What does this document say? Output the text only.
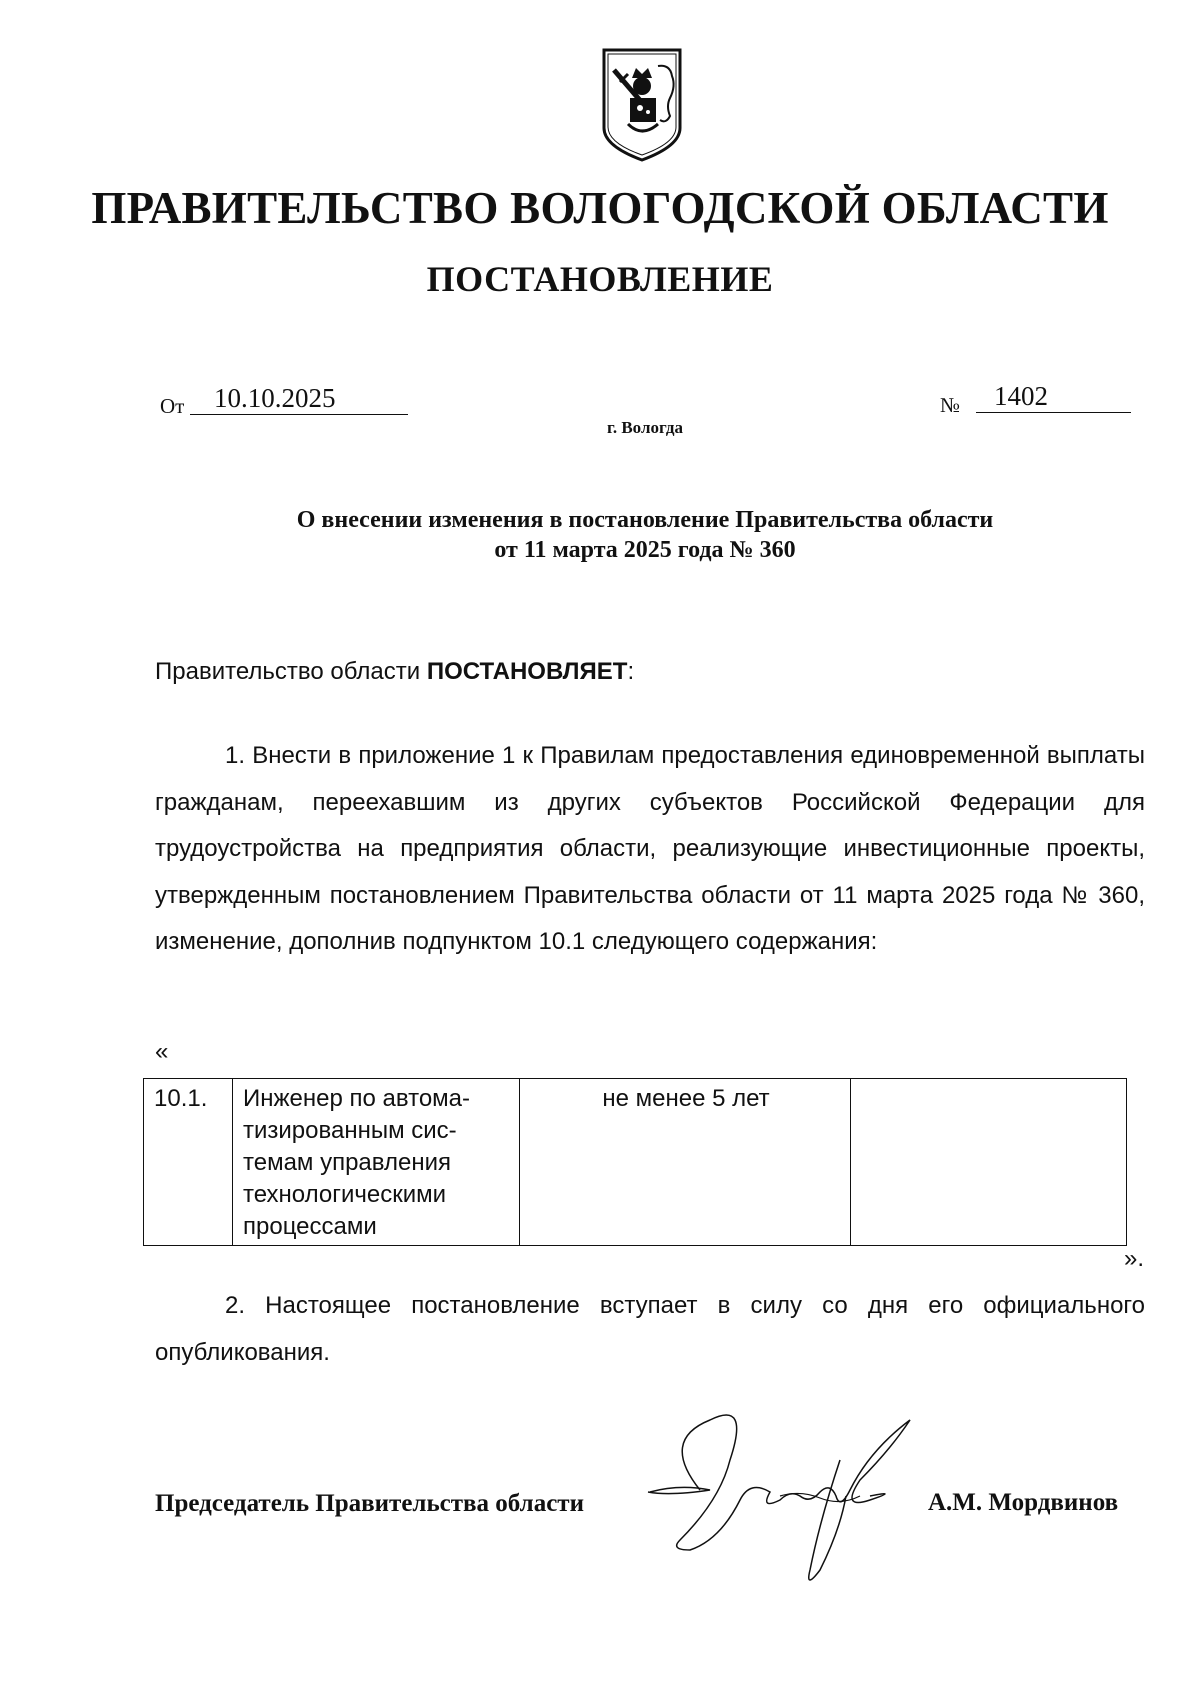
ПРАВИТЕЛЬСТВО ВОЛОГОДСКОЙ ОБЛАСТИ
ПОСТАНОВЛЕНИЕ
От	10.10.2025	№	1402
г. Вологда
О внесении изменения в постановление Правительства области
от 11 марта 2025 года № 360
Правительство области ПОСТАНОВЛЯЕТ:
1. Внести в приложение 1 к Правилам предоставления единовременной выплаты гражданам, переехавшим из других субъектов Российской Федерации для трудоустройства на предприятия области, реализующие инвестиционные проекты, утвержденным постановлением Правительства области от 11 марта 2025 года № 360, изменение, дополнив подпунктом 10.1 следующего содержания:
«
10.1.	Инженер по автоматизированным системам управления технологическими процессами	не менее 5 лет	
».
2. Настоящее постановление вступает в силу со дня его официального опубликования.
Председатель Правительства области	А.М. Мордвинов
